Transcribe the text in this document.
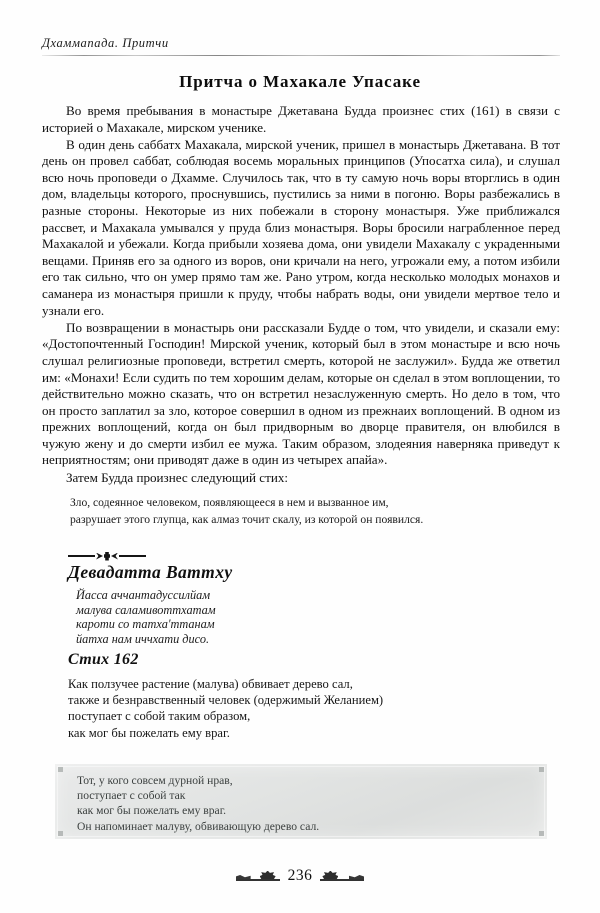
Дхаммапада. Притчи
Притча о Махакале Упасаке

Во время пребывания в монастыре Джетавана Будда произнес стих (161) в связи с историей о Махакале, мирском ученике.

В один день саббатх Махакала, мирской ученик, пришел в монастырь Джетавана. В тот день он провел саббат, соблюдая восемь моральных принципов (Упосатха сила), и слушал всю ночь проповеди о Дхамме. Случилось так, что в ту самую ночь воры вторглись в один дом, владельцы которого, проснувшись, пустились за ними в погоню. Воры разбежались в разные стороны. Некоторые из них побежали в сторону монастыря. Уже приближался рассвет, и Махакала умывался у пруда близ монастыря. Воры бросили награбленное перед Махакалой и убежали. Когда прибыли хозяева дома, они увидели Махакалу с украденными вещами. Приняв его за одного из воров, они кричали на него, угрожали ему, а потом избили его так сильно, что он умер прямо там же. Рано утром, когда несколько молодых монахов и саманера из монастыря пришли к пруду, чтобы набрать воды, они увидели мертвое тело и узнали его.

По возвращении в монастырь они рассказали Будде о том, что увидели, и сказали ему: «Достопочтенный Господин! Мирской ученик, который был в этом монастыре и всю ночь слушал религиозные проповеди, встретил смерть, которой не заслужил». Будда же ответил им: «Монахи! Если судить по тем хорошим делам, которые он сделал в этом воплощении, то действительно можно сказать, что он встретил незаслуженную смерть. Но дело в том, что он просто заплатил за зло, которое совершил в одном из прежнаих воплощений. В одном из прежних воплощений, когда он был придворным во дворце правителя, он влюбился в чужую жену и до смерти избил ее мужа. Таким образом, злодеяния наверняка приведут к неприятностям; они приводят даже в один из четырех апайа».

Затем Будда произнес следующий стих:

Зло, содеянное человеком, появляющееся в нем и вызванное им,
разрушает этого глупца, как алмаз точит скалу, из которой он появился.
Девадатта Ваттху
Йасса аччантадуссилйам
малува саламивоттхатам
кароти со татха'ттанам
йатха нам иччхати дисо.
Стих 162
Как ползучее растение (малува) обвивает дерево сал,
также и безнравственный человек (одержимый Желанием)
поступает с собой таким образом,
как мог бы пожелать ему враг.
Тот, у кого совсем дурной нрав,
поступает с собой так
как мог бы пожелать ему враг.
Он напоминает малуву, обвивающую дерево сал.
236
